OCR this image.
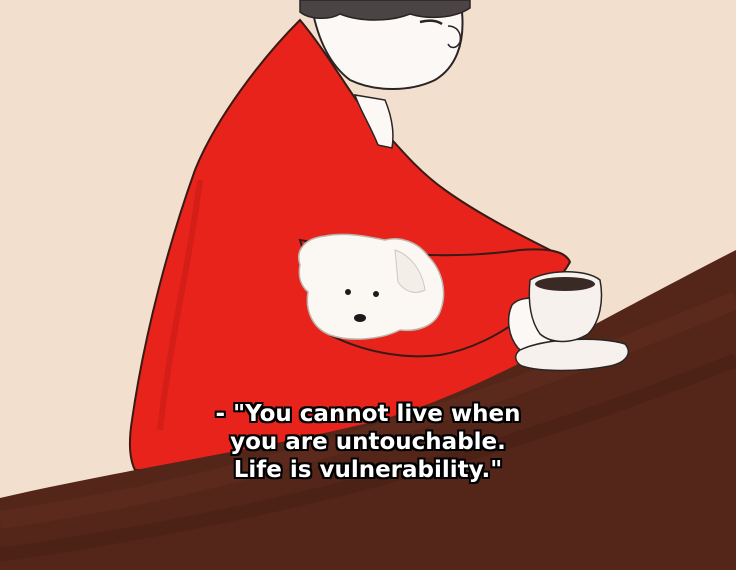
- "You cannot live when
you are untouchable.
Life is vulnerability."
